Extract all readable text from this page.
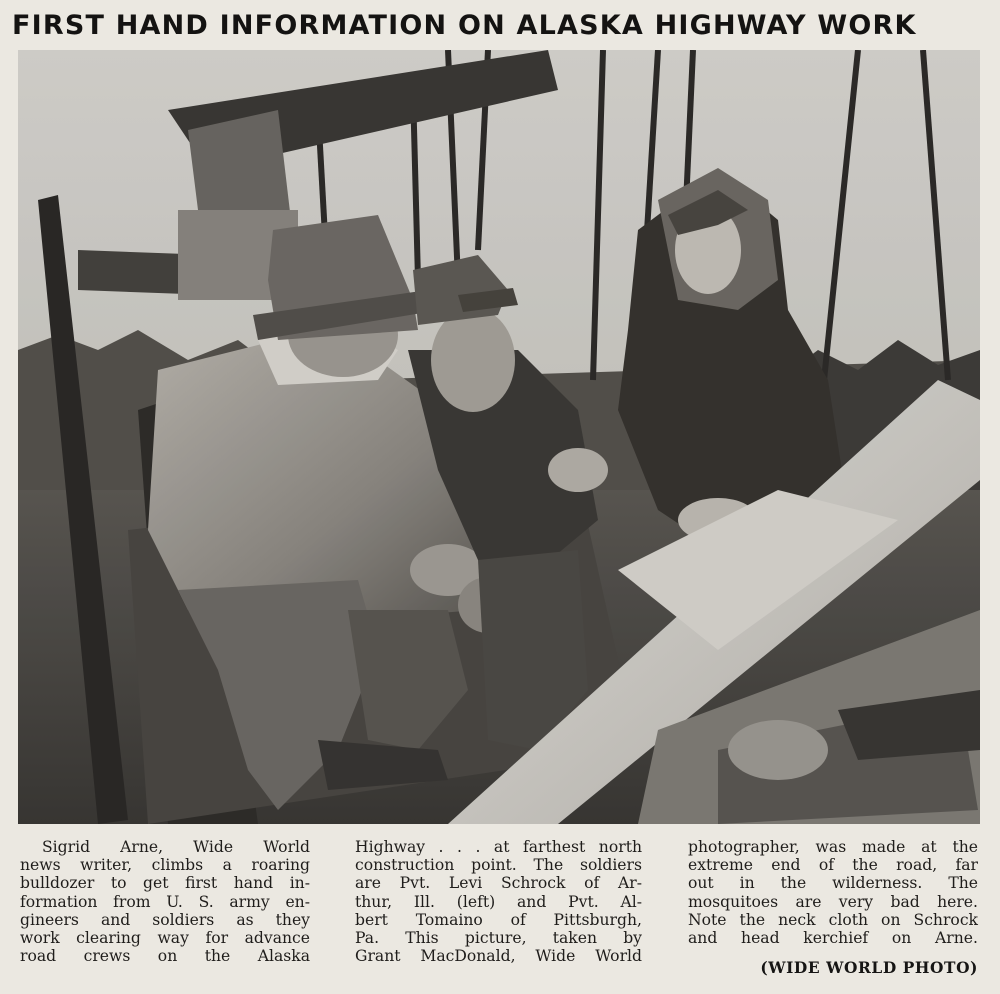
FIRST HAND INFORMATION ON ALASKA HIGHWAY WORK
Sigrid Arne, Wide World
news writer, climbs a roaring
bulldozer to get first hand in-
formation from U. S. army en-
gineers and soldiers as they
work clearing way for advance
road crews on the Alaska
Highway . . . at farthest north
construction point. The soldiers
are Pvt. Levi Schrock of Ar-
thur, Ill. (left) and Pvt. Al-
bert Tomaino of Pittsburgh,
Pa. This picture, taken by
Grant MacDonald, Wide World
photographer, was made at the
extreme end of the road, far
out in the wilderness. The
mosquitoes are very bad here.
Note the neck cloth on Schrock
and head kerchief on Arne.
(WIDE WORLD PHOTO)
